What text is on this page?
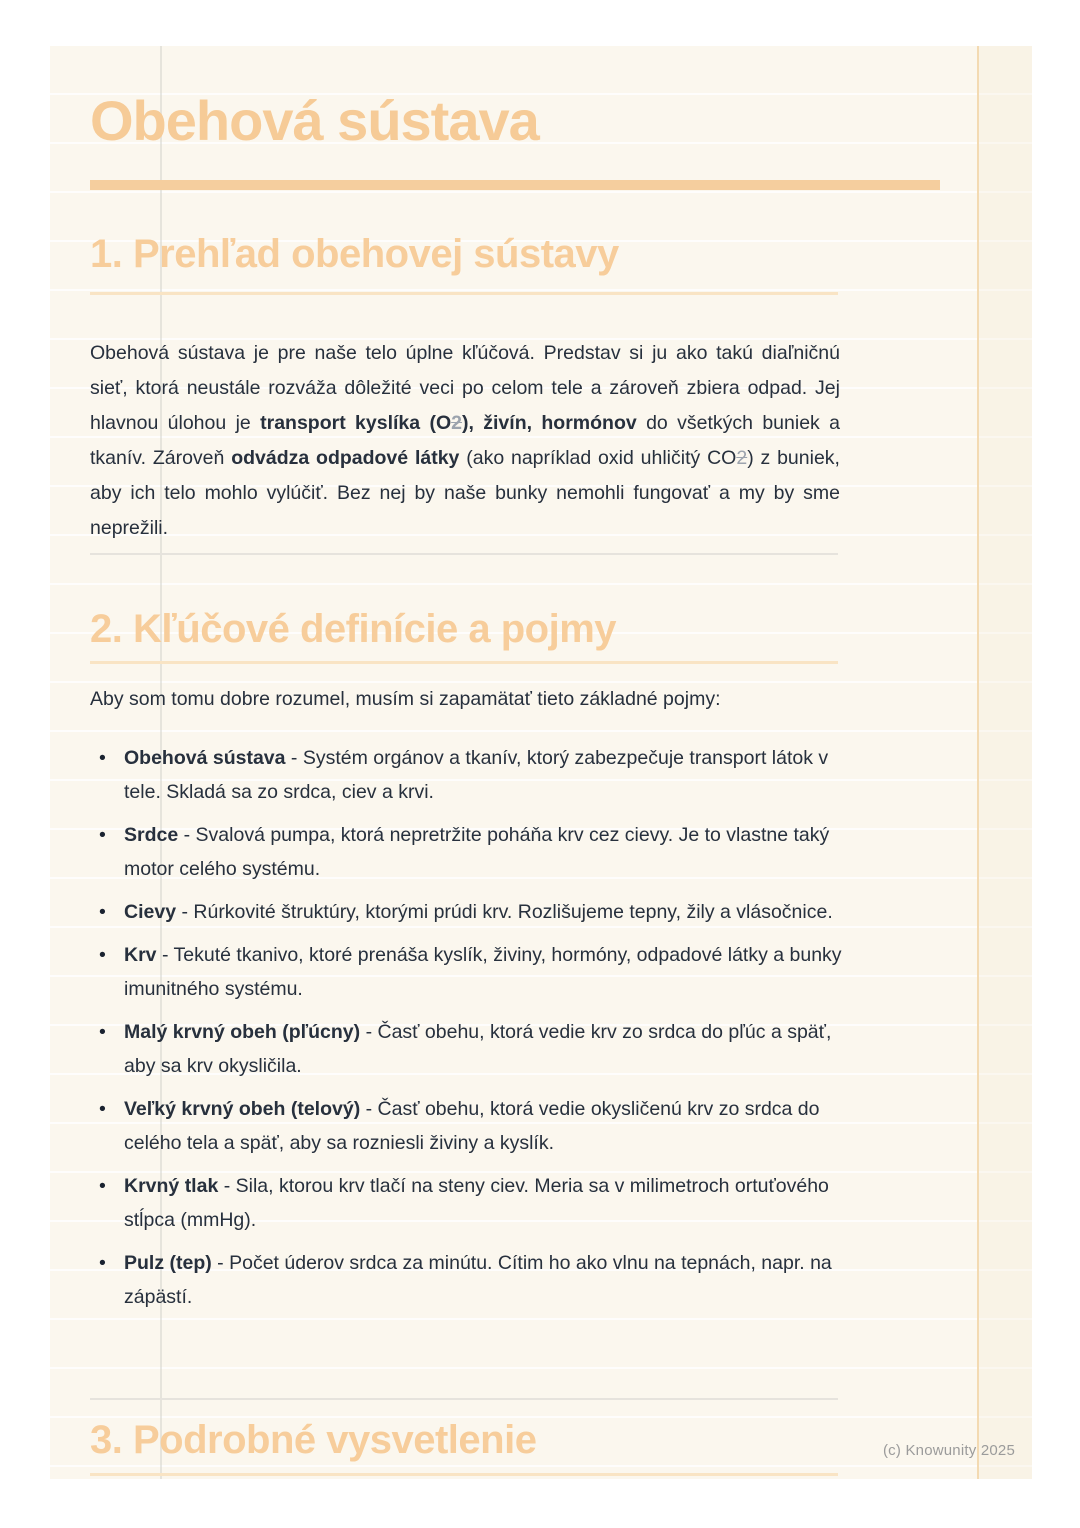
Obehová sústava
1. Prehľad obehovej sústavy

Obehová sústava je pre naše telo úplne kľúčová. Predstav si ju ako takú diaľničnú sieť, ktorá neustále rozváža dôležité veci po celom tele a zároveň zbiera odpad. Jej hlavnou úlohou je transport kyslíka (O2), živín, hormónov do všetkých buniek a tkanív. Zároveň odvádza odpadové látky (ako napríklad oxid uhličitý CO2) z buniek, aby ich telo mohlo vylúčiť. Bez nej by naše bunky nemohli fungovať a my by sme neprežili.

2. Kľúčové definície a pojmy
Aby som tomu dobre rozumel, musím si zapamätať tieto základné pojmy:
• Obehová sústava - Systém orgánov a tkanív, ktorý zabezpečuje transport látok v tele. Skladá sa zo srdca, ciev a krvi.
• Srdce - Svalová pumpa, ktorá nepretržite poháňa krv cez cievy. Je to vlastne taký motor celého systému.
• Cievy - Rúrkovité štruktúry, ktorými prúdi krv. Rozlišujeme tepny, žily a vlásočnice.
• Krv - Tekuté tkanivo, ktoré prenáša kyslík, živiny, hormóny, odpadové látky a bunky imunitného systému.
• Malý krvný obeh (pľúcny) - Časť obehu, ktorá vedie krv zo srdca do pľúc a späť, aby sa krv okysličila.
• Veľký krvný obeh (telový) - Časť obehu, ktorá vedie okysličenú krv zo srdca do celého tela a späť, aby sa rozniesli živiny a kyslík.
• Krvný tlak - Sila, ktorou krv tlačí na steny ciev. Meria sa v milimetroch ortuťového stĺpca (mmHg).
• Pulz (tep) - Počet úderov srdca za minútu. Cítim ho ako vlnu na tepnách, napr. na zápästí.
3. Podrobné vysvetlenie	(c) Knowunity 2025
